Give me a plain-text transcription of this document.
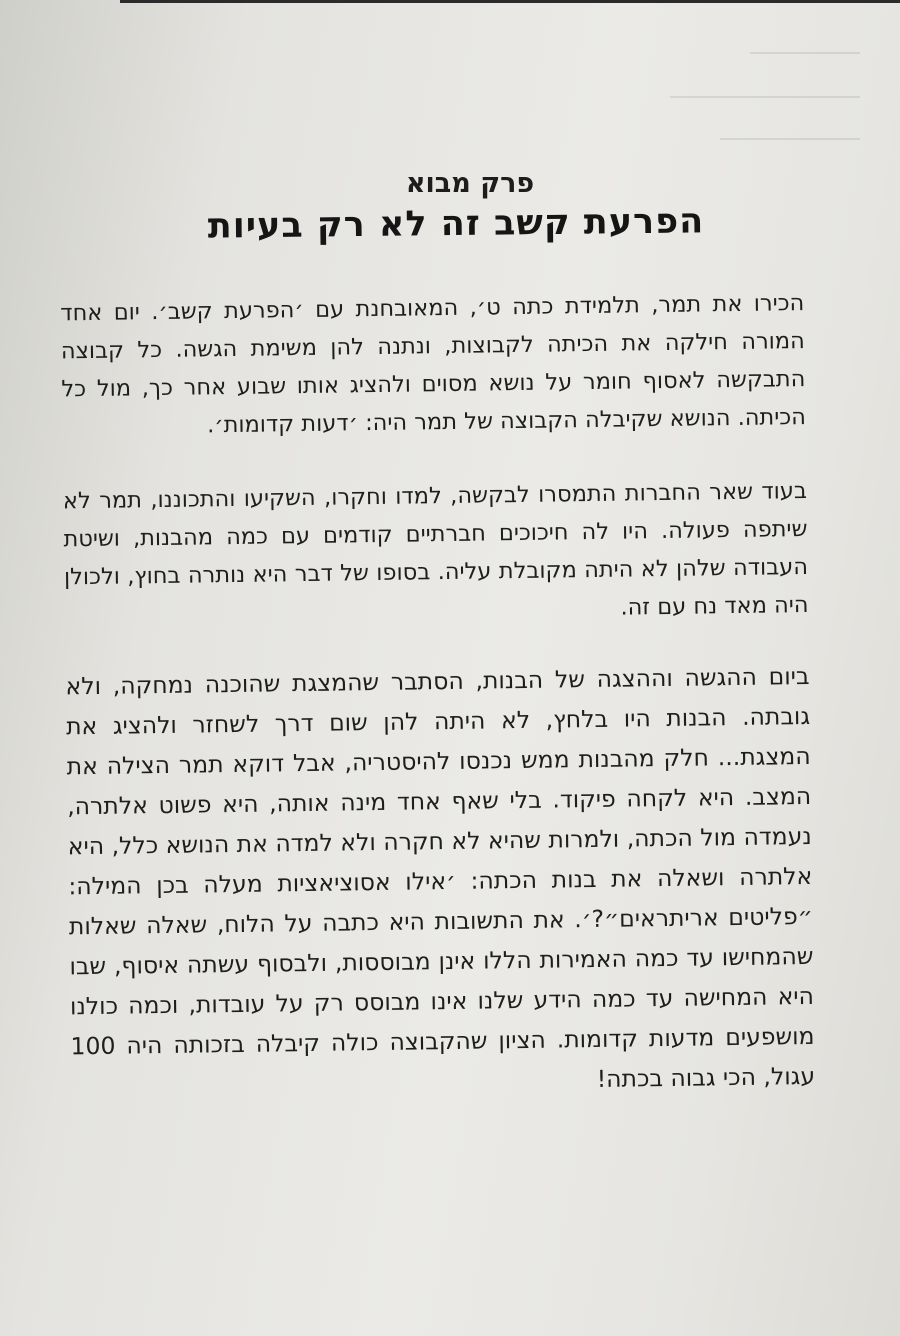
פרק מבוא
הפרעת קשב זה לא רק בעיות

הכירו את תמר, תלמידת כתה ט׳, המאובחנת עם ׳הפרעת קשב׳. יום אחד המורה חילקה את הכיתה לקבוצות, ונתנה להן משימת הגשה. כל קבוצה התבקשה לאסוף חומר על נושא מסוים ולהציג אותו שבוע אחר כך, מול כל הכיתה. הנושא שקיבלה הקבוצה של תמר היה: ׳דעות קדומות׳.

בעוד שאר החברות התמסרו לבקשה, למדו וחקרו, השקיעו והתכוננו, תמר לא שיתפה פעולה. היו לה חיכוכים חברתיים קודמים עם כמה מהבנות, ושיטת העבודה שלהן לא היתה מקובלת עליה. בסופו של דבר היא נותרה בחוץ, ולכולן היה מאד נח עם זה.

ביום ההגשה וההצגה של הבנות, הסתבר שהמצגת שהוכנה נמחקה, ולא גובתה. הבנות היו בלחץ, לא היתה להן שום דרך לשחזר ולהציג את המצגת... חלק מהבנות ממש נכנסו להיסטריה, אבל דוקא תמר הצילה את המצב. היא לקחה פיקוד. בלי שאף אחד מינה אותה, היא פשוט אלתרה, נעמדה מול הכתה, ולמרות שהיא לא חקרה ולא למדה את הנושא כלל, היא אלתרה ושאלה את בנות הכתה: ׳אילו אסוציאציות מעלה בכן המילה: ״פליטים אריתראים״?׳. את התשובות היא כתבה על הלוח, שאלה שאלות שהמחישו עד כמה האמירות הללו אינן מבוססות, ולבסוף עשתה איסוף, שבו היא המחישה עד כמה הידע שלנו אינו מבוסס רק על עובדות, וכמה כולנו מושפעים מדעות קדומות. הציון שהקבוצה כולה קיבלה בזכותה היה 100 עגול, הכי גבוה בכתה!
